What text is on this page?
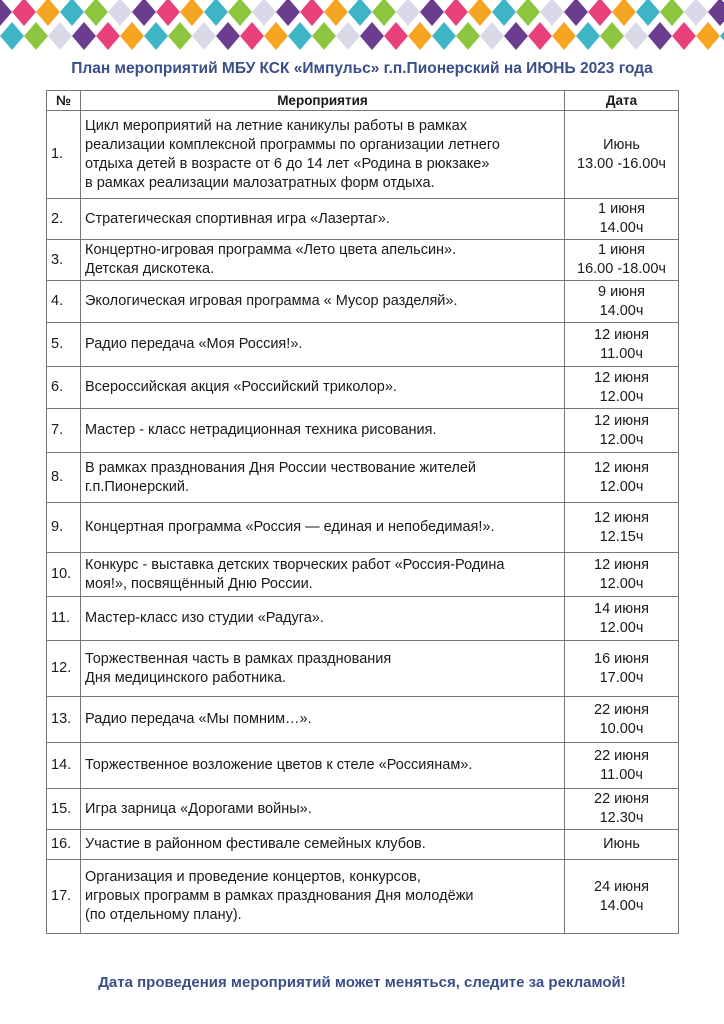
План мероприятий МБУ КСК «Импульс» г.п.Пионерский на ИЮНЬ 2023 года
№	Мероприятия	Дата
1.	Цикл мероприятий на летние каникулы работы в рамках
реализации комплексной программы по организации летнего
отдыха детей в возрасте от 6 до 14 лет «Родина в рюкзаке»
в рамках реализации малозатратных форм отдыха.	Июнь
13.00 -16.00ч
2.	Стратегическая спортивная игра «Лазертаг».	1 июня
14.00ч
3.	Концертно-игровая программа «Лето цвета апельсин».
Детская дискотека.	1 июня
16.00 -18.00ч
4.	Экологическая игровая программа « Мусор разделяй».	9 июня
14.00ч
5.	Радио передача «Моя Россия!».	12 июня
11.00ч
6.	Всероссийская акция «Российский триколор».	12 июня
12.00ч
7.	Мастер - класс нетрадиционная техника рисования.	12 июня
12.00ч
8.	В рамках празднования Дня России чествование жителей
г.п.Пионерский.	12 июня
12.00ч
9.	Концертная программа «Россия — единая и непобедимая!».	12 июня
12.15ч
10.	Конкурс - выставка детских творческих работ «Россия-Родина
моя!», посвящённый Дню России.	12 июня
12.00ч
11.	Мастер-класс изо студии «Радуга».	14 июня
12.00ч
12.	Торжественная часть в рамках празднования
Дня медицинского работника.	16 июня
17.00ч
13.	Радио передача «Мы помним…».	22 июня
10.00ч
14.	Торжественное возложение цветов к стеле «Россиянам».	22 июня
11.00ч
15.	Игра зарница «Дорогами войны».	22 июня
12.30ч
16.	Участие в районном фестивале семейных клубов.	Июнь
17.	Организация и проведение концертов, конкурсов,
игровых программ в рамках празднования Дня молодёжи
(по отдельному плану).	24 июня
14.00ч
Дата проведения мероприятий может меняться, следите за рекламой!
